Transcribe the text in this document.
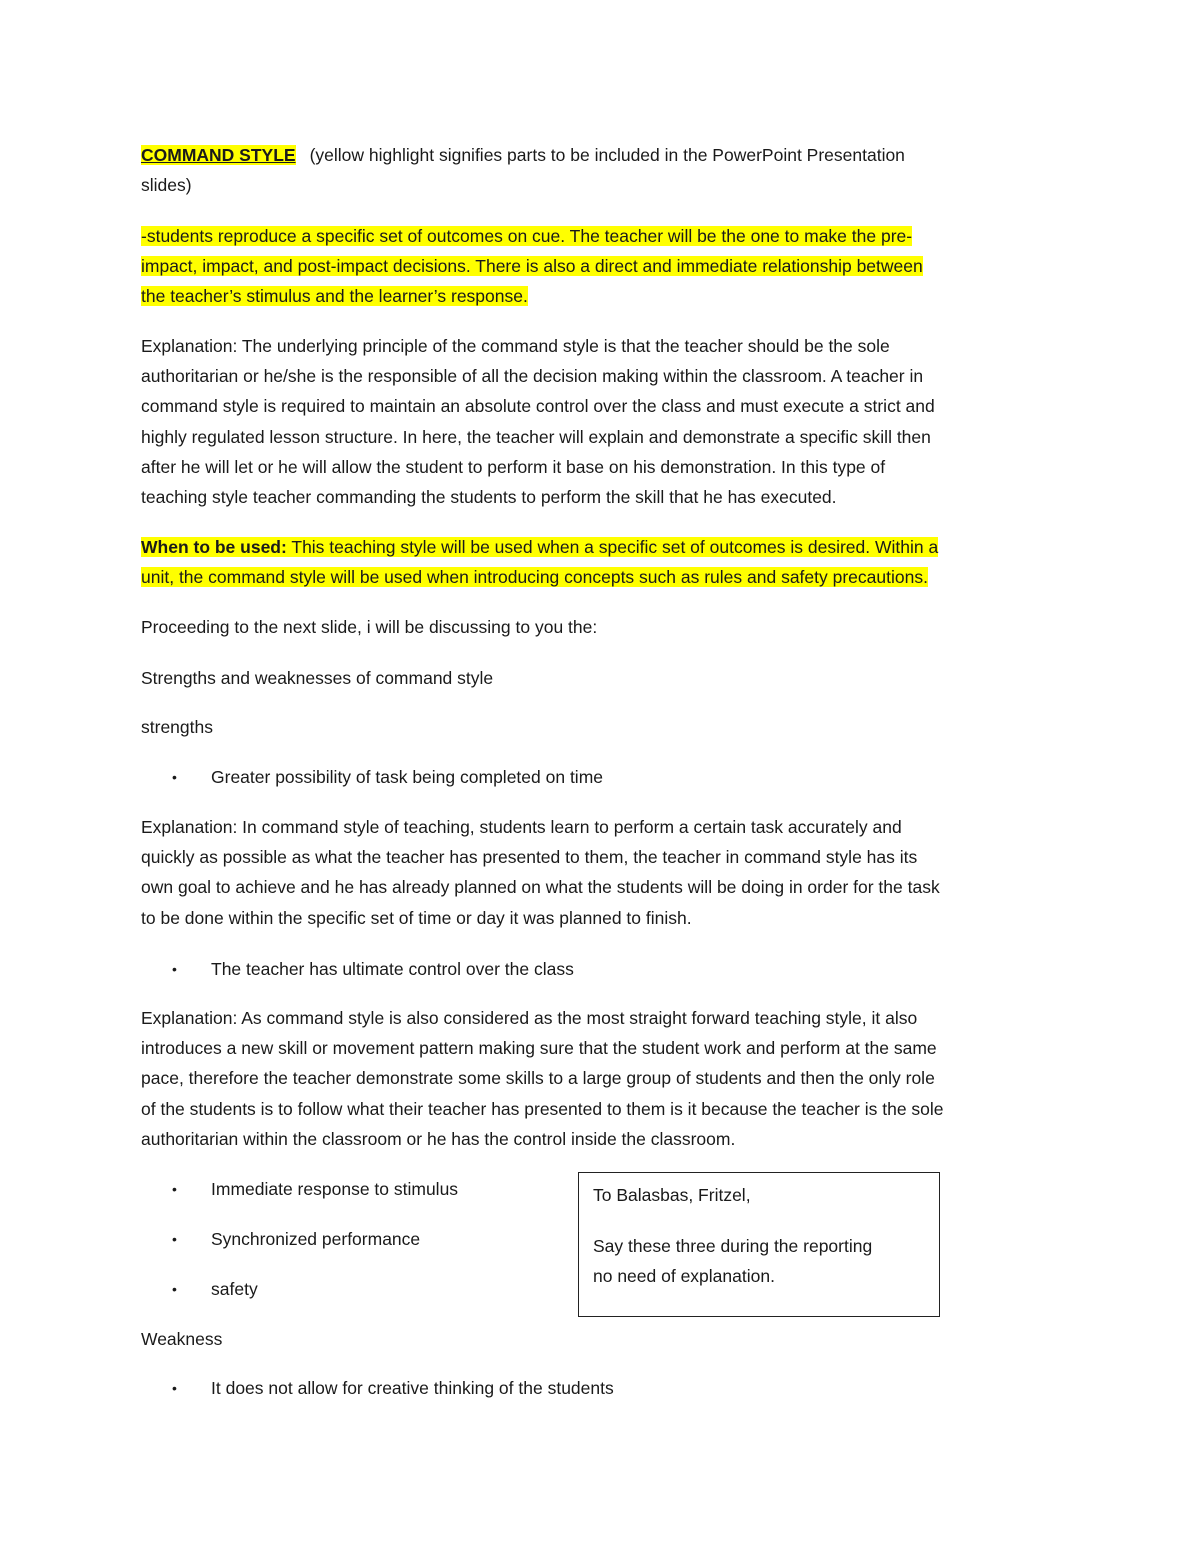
COMMAND STYLE (yellow highlight signifies parts to be included in the PowerPoint Presentation
slides)

-students reproduce a specific set of outcomes on cue. The teacher will be the one to make the pre-
impact, impact, and post-impact decisions. There is also a direct and immediate relationship between
the teacher’s stimulus and the learner’s response.

Explanation: The underlying principle of the command style is that the teacher should be the sole
authoritarian or he/she is the responsible of all the decision making within the classroom. A teacher in
command style is required to maintain an absolute control over the class and must execute a strict and
highly regulated lesson structure. In here, the teacher will explain and demonstrate a specific skill then
after he will let or he will allow the student to perform it base on his demonstration. In this type of
teaching style teacher commanding the students to perform the skill that he has executed.

When to be used: This teaching style will be used when a specific set of outcomes is desired. Within a
unit, the command style will be used when introducing concepts such as rules and safety precautions.

Proceeding to the next slide, i will be discussing to you the:

Strengths and weaknesses of command style

strengths

• Greater possibility of task being completed on time

Explanation: In command style of teaching, students learn to perform a certain task accurately and
quickly as possible as what the teacher has presented to them, the teacher in command style has its
own goal to achieve and he has already planned on what the students will be doing in order for the task
to be done within the specific set of time or day it was planned to finish.

• The teacher has ultimate control over the class

Explanation: As command style is also considered as the most straight forward teaching style, it also
introduces a new skill or movement pattern making sure that the student work and perform at the same
pace, therefore the teacher demonstrate some skills to a large group of students and then the only role
of the students is to follow what their teacher has presented to them is it because the teacher is the sole
authoritarian within the classroom or he has the control inside the classroom.

• Immediate response to stimulus
• Synchronized performance
• safety

To Balasbas, Fritzel,

Say these three during the reporting

no need of explanation.

Weakness

• It does not allow for creative thinking of the students
